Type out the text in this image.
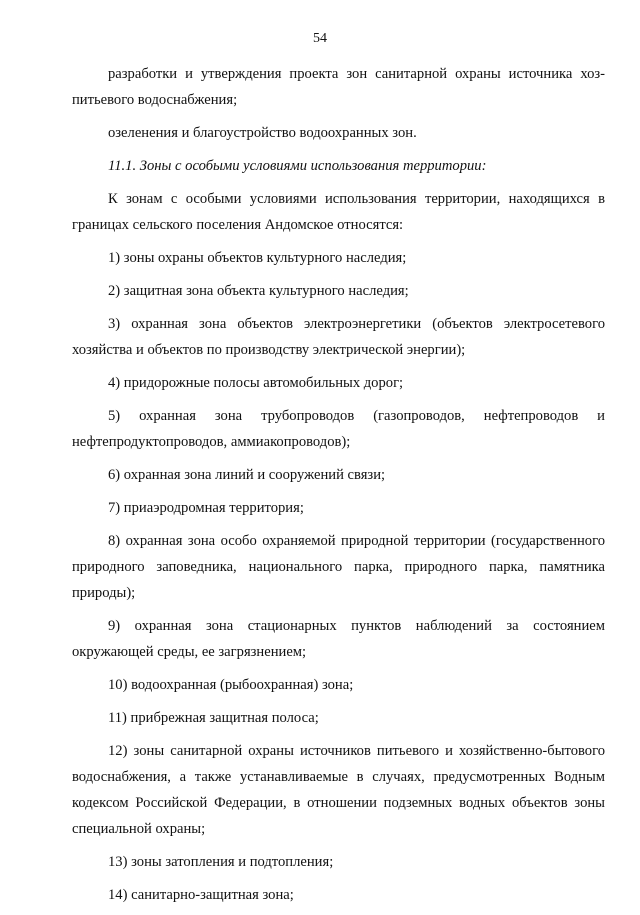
54

разработки и утверждения проекта зон санитарной охраны источника хоз-питьевого водоснабжения;

озеленения и благоустройство водоохранных зон.

11.1. Зоны с особыми условиями использования территории:

К зонам с особыми условиями использования территории, находящихся в границах сельского поселения Андомское относятся:

1) зоны охраны объектов культурного наследия;

2) защитная зона объекта культурного наследия;

3) охранная зона объектов электроэнергетики (объектов электросетевого хозяйства и объектов по производству электрической энергии);

4) придорожные полосы автомобильных дорог;

5) охранная зона трубопроводов (газопроводов, нефтепроводов и нефтепродуктопроводов, аммиакопроводов);

6) охранная зона линий и сооружений связи;

7) приаэродромная территория;

8) охранная зона особо охраняемой природной территории (государственного природного заповедника, национального парка, природного парка, памятника природы);

9) охранная зона стационарных пунктов наблюдений за состоянием окружающей среды, ее загрязнением;

10) водоохранная (рыбоохранная) зона;

11) прибрежная защитная полоса;

12) зоны санитарной охраны источников питьевого и хозяйственно-бытового водоснабжения, а также устанавливаемые в случаях, предусмотренных Водным кодексом Российской Федерации, в отношении подземных водных объектов зоны специальной охраны;

13) зоны затопления и подтопления;

14) санитарно-защитная зона;
